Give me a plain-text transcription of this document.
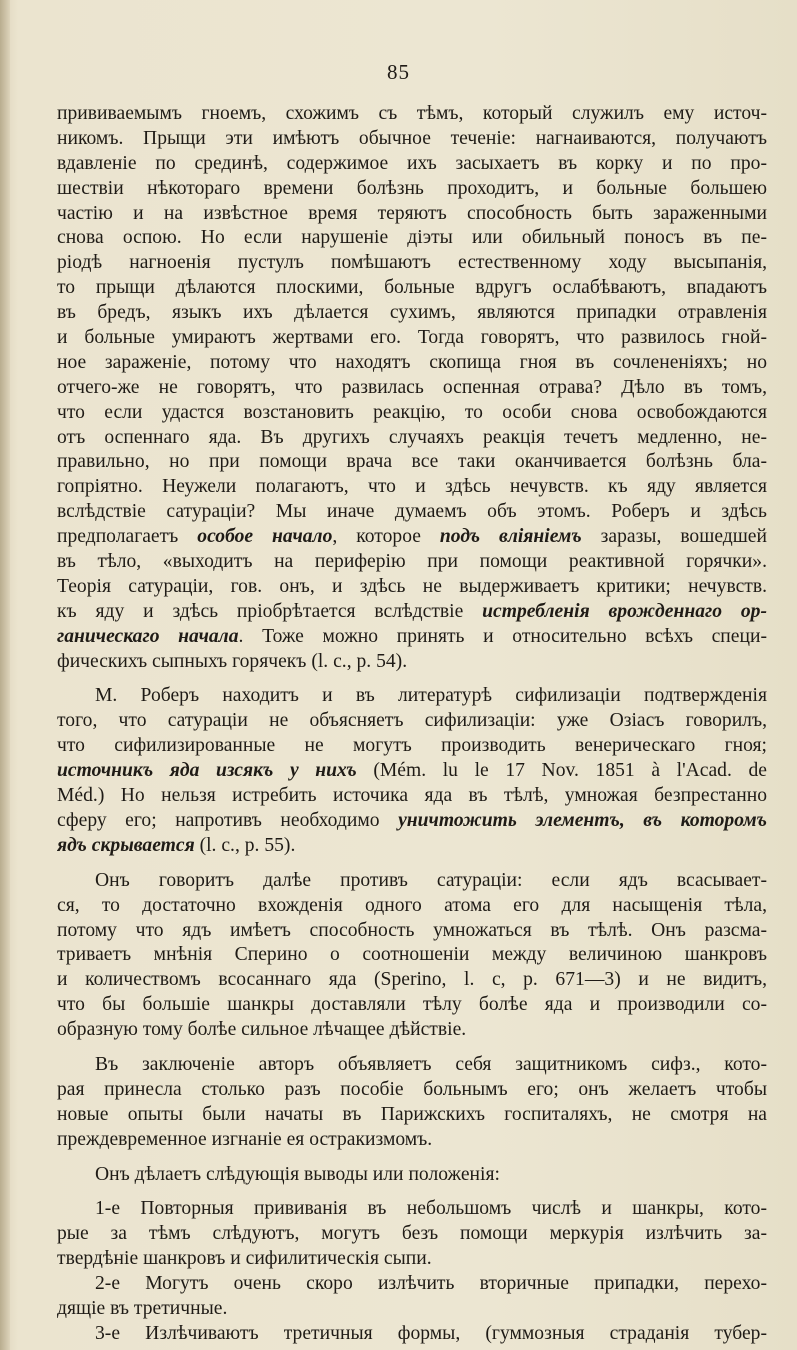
85
прививаемымъ гноемъ, схожимъ съ тѣмъ, который служилъ ему источ-
никомъ. Прыщи эти имѣютъ обычное теченіе: нагнаиваются, получаютъ
вдавленіе по срединѣ, содержимое ихъ засыхаетъ въ корку и по про-
шествіи нѣкотораго времени болѣзнь проходитъ, и больные большею
частію и на извѣстное время теряютъ способность быть зараженными
снова оспою. Но если нарушеніе діэты или обильный поносъ въ пе-
ріодѣ нагноенія пустулъ помѣшаютъ естественному ходу высыпанія,
то прыщи дѣлаются плоскими, больные вдругъ ослабѣваютъ, впадаютъ
въ бредъ, языкъ ихъ дѣлается сухимъ, являются припадки отравленія
и больные умираютъ жертвами его. Тогда говорятъ, что развилось гной-
ное зараженіе, потому что находятъ скопища гноя въ сочлененіяхъ; но
отчего-же не говорятъ, что развилась оспенная отрава? Дѣло въ томъ,
что если удастся возстановить реакцію, то особи снова освобождаются
отъ оспеннаго яда. Въ другихъ случаяхъ реакція течетъ медленно, не-
правильно, но при помощи врача все таки оканчивается болѣзнь бла-
гопріятно. Неужели полагаютъ, что и здѣсь нечувств. къ яду является
вслѣдствіе сатураціи? Мы иначе думаемъ объ этомъ. Роберъ и здѣсь
предполагаетъ особое начало, которое подъ вліяніемъ заразы, вошедшей
въ тѣло, «выходитъ на периферію при помощи реактивной горячки».
Теорія сатураціи, гов. онъ, и здѣсь не выдерживаетъ критики; нечувств.
къ яду и здѣсь пріобрѣтается вслѣдствіе истребленія врожденнаго ор-
ганическаго начала. Тоже можно принять и относительно всѣхъ специ-
фическихъ сыпныхъ горячекъ (l. c., p. 54).
М. Роберъ находитъ и въ литературѣ сифилизаціи подтвержденія
того, что сатураціи не объясняетъ сифилизаціи: уже Озіасъ говорилъ,
что сифилизированные не могутъ производить венерическаго гноя;
источникъ яда изсякъ у нихъ (Mém. lu le 17 Nov. 1851 à l'Acad. de
Méd.) Но нельзя истребить источика яда въ тѣлѣ, умножая безпрестанно
сферу его; напротивъ необходимо уничтожить элементъ, въ которомъ
ядъ скрывается (l. c., p. 55).
Онъ говоритъ далѣе противъ сатураціи: если ядъ всасывает-
ся, то достаточно вхожденія одного атома его для насыщенія тѣла,
потому что ядъ имѣетъ способность умножаться въ тѣлѣ. Онъ разсма-
триваетъ мнѣнія Сперино о соотношеніи между величиною шанкровъ
и количествомъ всосаннаго яда (Sperino, l. c, p. 671—3) и не видитъ,
что бы большіе шанкры доставляли тѣлу болѣе яда и производили со-
образную тому болѣе сильное лѣчащее дѣйствіе.
Въ заключеніе авторъ объявляетъ себя защитникомъ сифз., кото-
рая принесла столько разъ пособіе больнымъ его; онъ желаетъ чтобы
новые опыты были начаты въ Парижскихъ госпиталяхъ, не смотря на
преждевременное изгнаніе ея остракизмомъ.
Онъ дѣлаетъ слѣдующія выводы или положенія:
1-е Повторныя прививанія въ небольшомъ числѣ и шанкры, кото-
рые за тѣмъ слѣдуютъ, могутъ безъ помощи меркурія излѣчить за-
твердѣніе шанкровъ и сифилитическія сыпи.
2-е Могутъ очень скоро излѣчить вторичные припадки, перехо-
дящіе въ третичные.
3-е Излѣчиваютъ третичныя формы, (гуммозныя страданія тубер-
